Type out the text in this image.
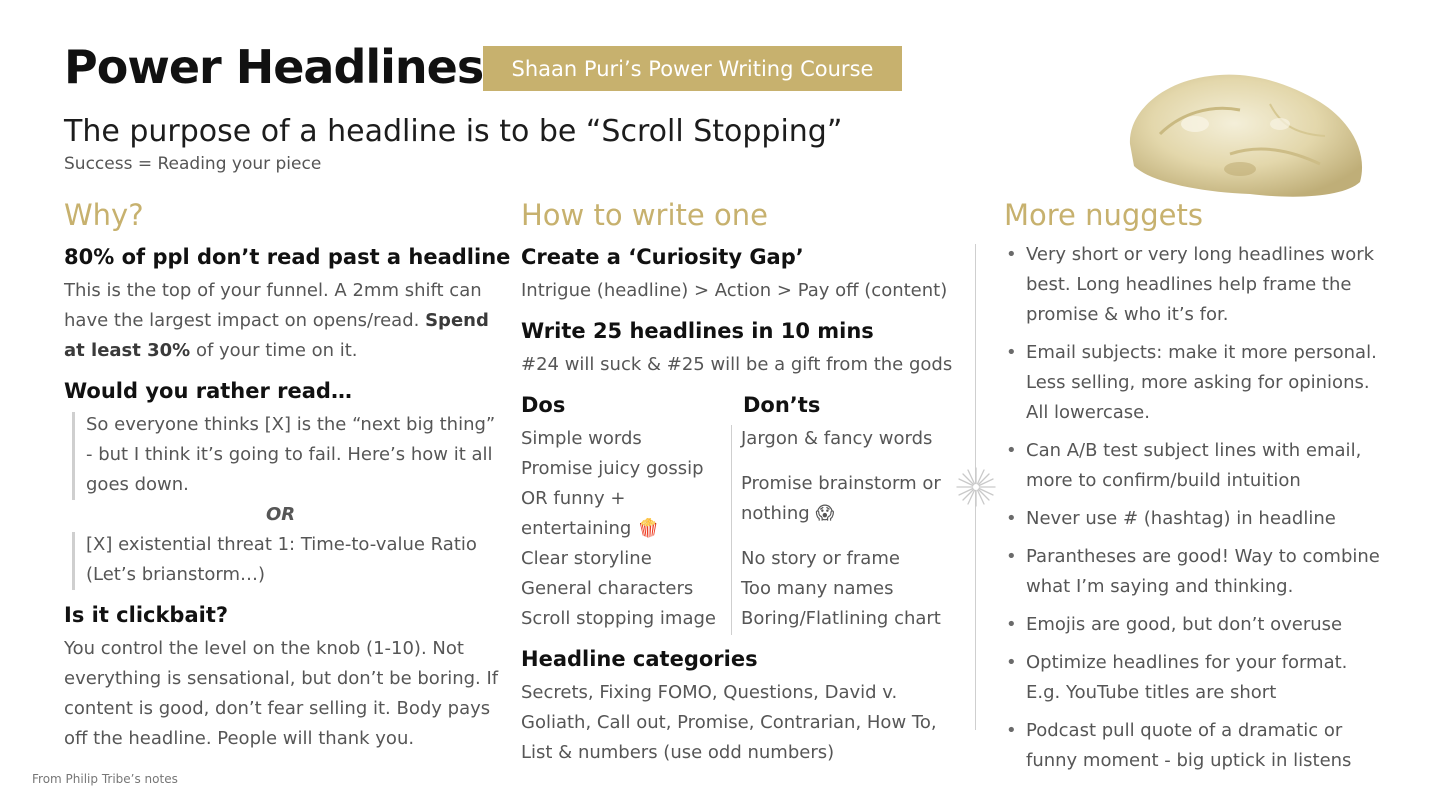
Power Headlines Shaan Puri’s Power Writing Course
The purpose of a headline is to be “Scroll Stopping”
Success = Reading your piece
Why?
80% of ppl don’t read past a headline
This is the top of your funnel. A 2mm shift can have the largest impact on opens/read. Spend at least 30% of your time on it.
Would you rather read…
So everyone thinks [X] is the “next big thing” - but I think it’s going to fail. Here’s how it all goes down.
OR
[X] existential threat 1: Time-to-value Ratio (Let’s brianstorm…)
Is it clickbait?
You control the level on the knob (1-10). Not everything is sensational, but don’t be boring. If content is good, don’t fear selling it. Body pays off the headline. People will thank you.
How to write one
Create a ‘Curiosity Gap’
Intrigue (headline) > Action > Pay off (content)
Write 25 headlines in 10 mins
#24 will suck & #25 will be a gift from the gods
Dos	Don’ts
Simple words
Promise juicy gossip
OR funny + entertaining 🍿
Clear storyline
General characters
Scroll stopping image
Jargon & fancy words
Promise brainstorm or nothing 😱
No story or frame
Too many names
Boring/Flatlining chart
Headline categories
Secrets, Fixing FOMO, Questions, David v. Goliath, Call out, Promise, Contrarian, How To, List & numbers (use odd numbers)
More nuggets
• Very short or very long headlines work best. Long headlines help frame the promise & who it’s for.
• Email subjects: make it more personal. Less selling, more asking for opinions. All lowercase.
• Can A/B test subject lines with email, more to confirm/build intuition
• Never use # (hashtag) in headline
• Parantheses are good! Way to combine what I’m saying and thinking.
• Emojis are good, but don’t overuse
• Optimize headlines for your format. E.g. YouTube titles are short
• Podcast pull quote of a dramatic or funny moment - big uptick in listens
From Philip Tribe’s notes
